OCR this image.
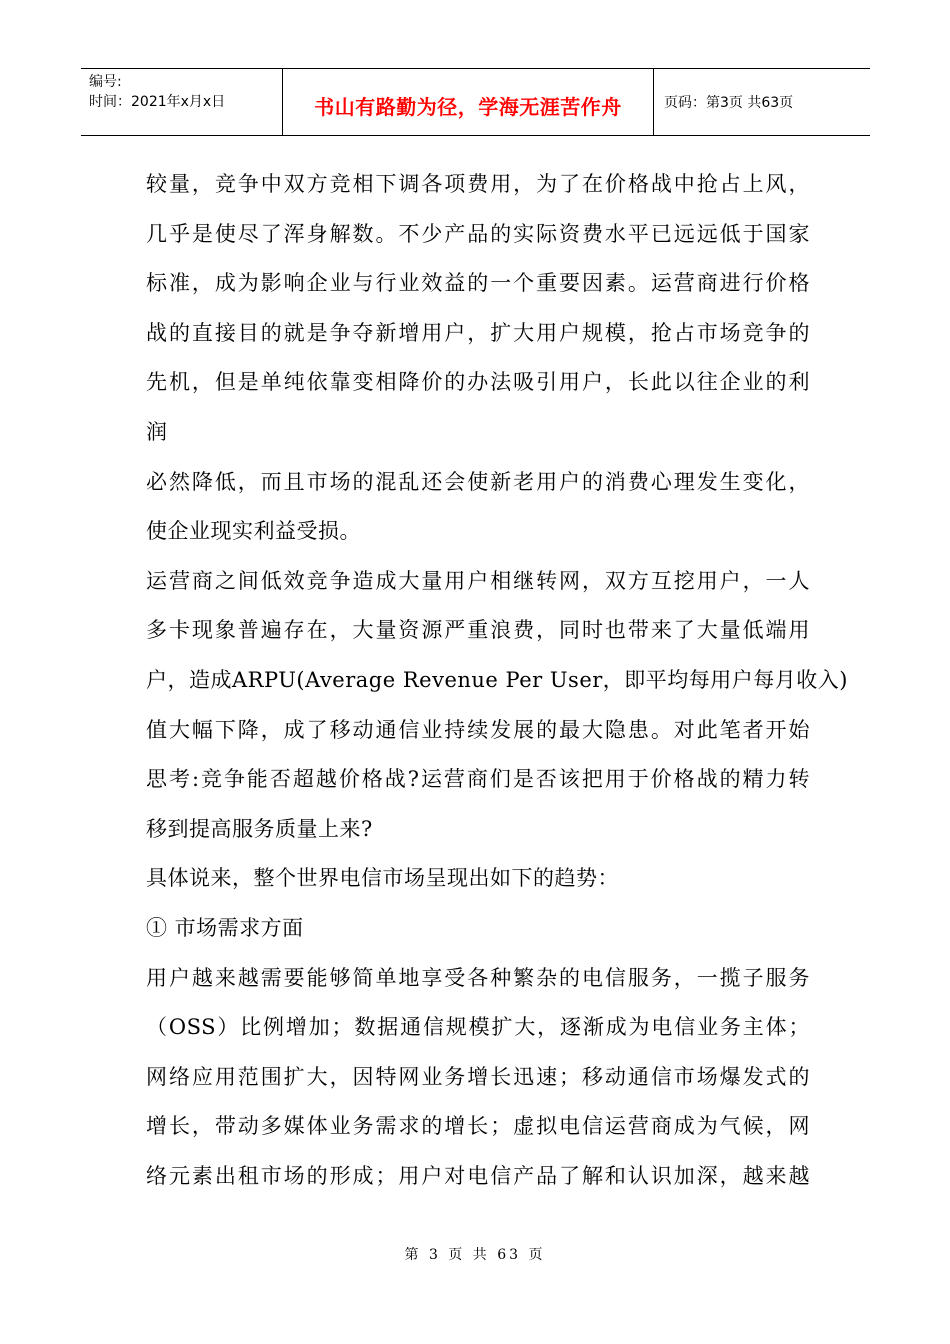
编号:
时间：2021年x月x日	书山有路勤为径，学海无涯苦作舟	页码：第3页 共63页
较量，竞争中双方竞相下调各项费用，为了在价格战中抢占上风，
几乎是使尽了浑身解数。不少产品的实际资费水平已远远低于国家
标准，成为影响企业与行业效益的一个重要因素。运营商进行价格
战的直接目的就是争夺新增用户，扩大用户规模，抢占市场竞争的
先机，但是单纯依靠变相降价的办法吸引用户，长此以往企业的利
润
必然降低，而且市场的混乱还会使新老用户的消费心理发生变化，
使企业现实利益受损。
运营商之间低效竞争造成大量用户相继转网，双方互挖用户，一人
多卡现象普遍存在，大量资源严重浪费，同时也带来了大量低端用
户，造成ARPU(Average Revenue Per User，即平均每用户每月收入)
值大幅下降，成了移动通信业持续发展的最大隐患。对此笔者开始
思考:竞争能否超越价格战?运营商们是否该把用于价格战的精力转
移到提高服务质量上来?
具体说来，整个世界电信市场呈现出如下的趋势：
① 市场需求方面
用户越来越需要能够简单地享受各种繁杂的电信服务，一揽子服务
（OSS）比例增加；数据通信规模扩大，逐渐成为电信业务主体；
网络应用范围扩大，因特网业务增长迅速；移动通信市场爆发式的
增长，带动多媒体业务需求的增长；虚拟电信运营商成为气候，网
络元素出租市场的形成；用户对电信产品了解和认识加深，越来越
第 3 页 共 63 页
